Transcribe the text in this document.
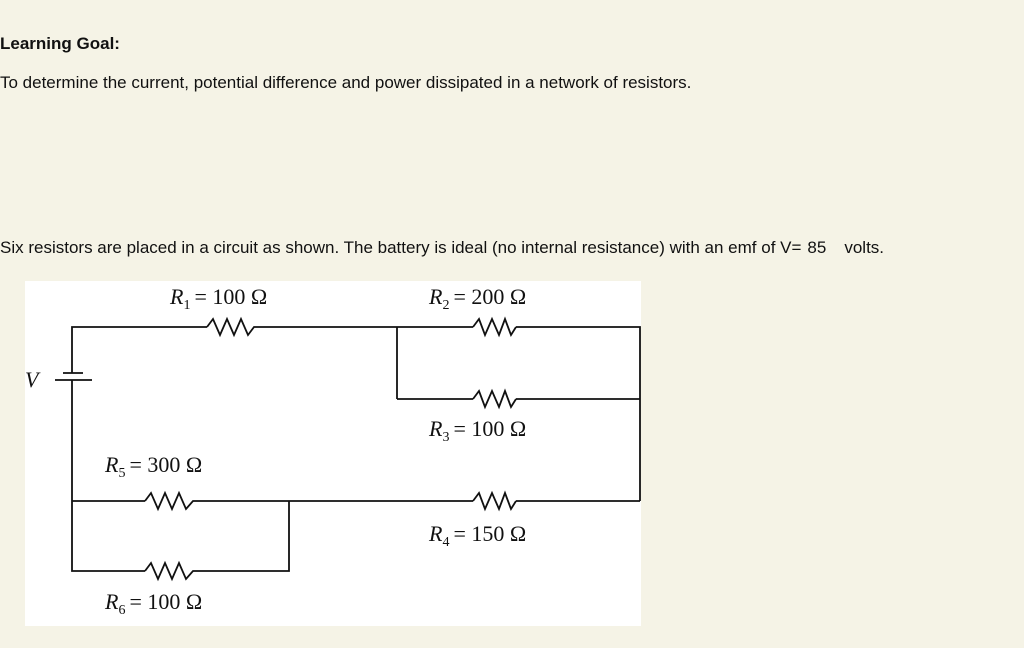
Learning Goal:
To determine the current, potential difference and power dissipated in a network of resistors.
Six resistors are placed in a circuit as shown. The battery is ideal (no internal resistance) with an emf of V= 85 volts.
V
$R_1 = 100$ Ω	$R_2 = 200$ Ω
$R_3 = 100$ Ω
$R_4 = 150$ Ω
$R_5 = 300$ Ω
$R_6 = 100$ Ω
